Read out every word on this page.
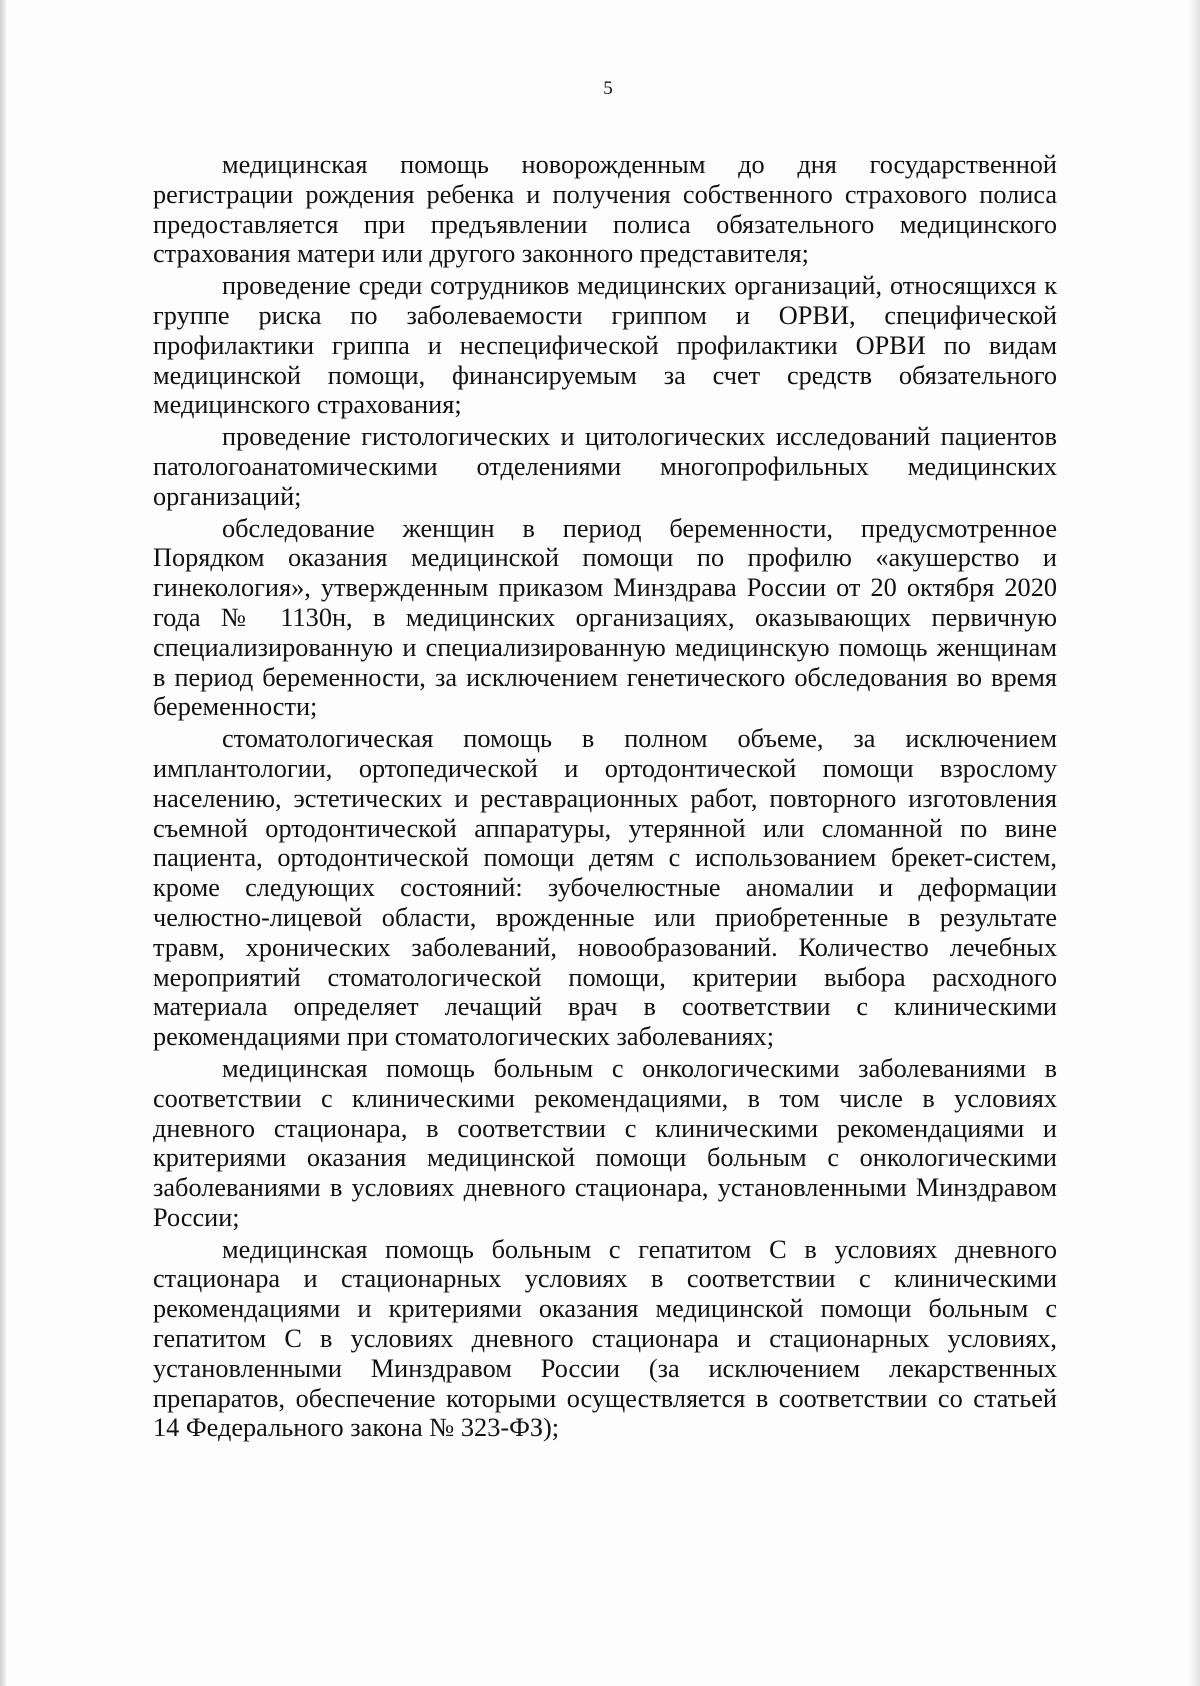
5

медицинская помощь новорожденным до дня государственной регистрации рождения ребенка и получения собственного страхового полиса предоставляется при предъявлении полиса обязательного медицинского страхования матери или другого законного представителя;

проведение среди сотрудников медицинских организаций, относящихся к группе риска по заболеваемости гриппом и ОРВИ, специфической профилактики гриппа и неспецифической профилактики ОРВИ по видам медицинской помощи, финансируемым за счет средств обязательного медицинского страхования;

проведение гистологических и цитологических исследований пациентов патологоанатомическими отделениями многопрофильных медицинских организаций;

обследование женщин в период беременности, предусмотренное Порядком оказания медицинской помощи по профилю «акушерство и гинекология», утвержденным приказом Минздрава России от 20 октября 2020 года № 1130н, в медицинских организациях, оказывающих первичную специализированную и специализированную медицинскую помощь женщинам в период беременности, за исключением генетического обследования во время беременности;

стоматологическая помощь в полном объеме, за исключением имплантологии, ортопедической и ортодонтической помощи взрослому населению, эстетических и реставрационных работ, повторного изготовления съемной ортодонтической аппаратуры, утерянной или сломанной по вине пациента, ортодонтической помощи детям с использованием брекет-систем, кроме следующих состояний: зубочелюстные аномалии и деформации челюстно-лицевой области, врожденные или приобретенные в результате травм, хронических заболеваний, новообразований. Количество лечебных мероприятий стоматологической помощи, критерии выбора расходного материала определяет лечащий врач в соответствии с клиническими рекомендациями при стоматологических заболеваниях;

медицинская помощь больным с онкологическими заболеваниями в соответствии с клиническими рекомендациями, в том числе в условиях дневного стационара, в соответствии с клиническими рекомендациями и критериями оказания медицинской помощи больным с онкологическими заболеваниями в условиях дневного стационара, установленными Минздравом России;

медицинская помощь больным с гепатитом С в условиях дневного стационара и стационарных условиях в соответствии с клиническими рекомендациями и критериями оказания медицинской помощи больным с гепатитом С в условиях дневного стационара и стационарных условиях, установленными Минздравом России (за исключением лекарственных препаратов, обеспечение которыми осуществляется в соответствии со статьей 14 Федерального закона № 323-ФЗ);
